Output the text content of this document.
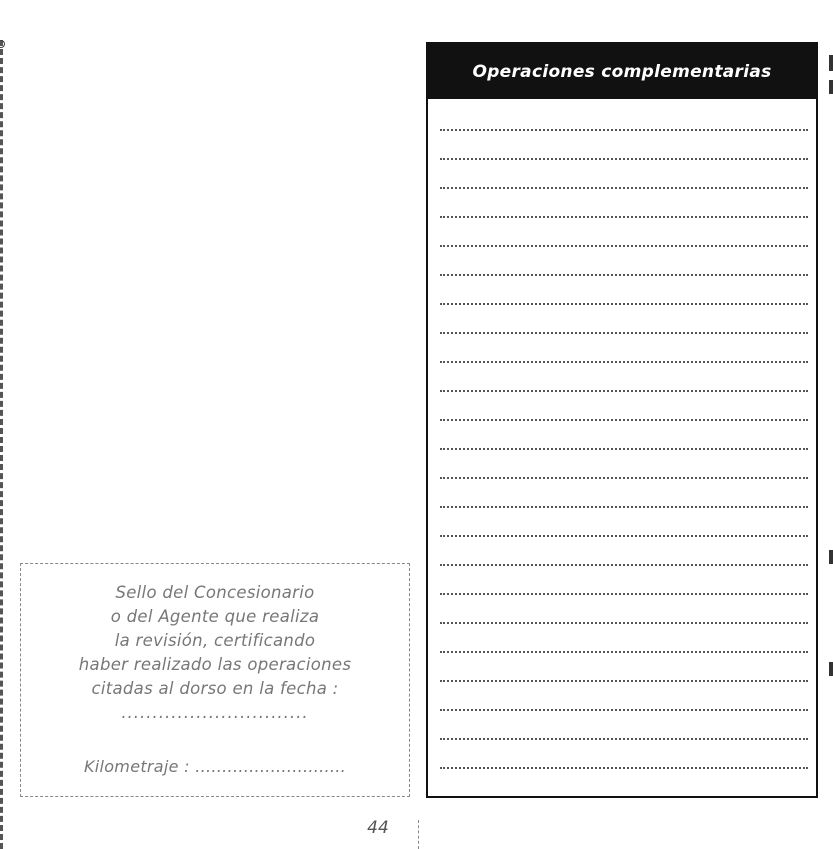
Sello del Concesionario
o del Agente que realiza
la revisión, certificando
haber realizado las operaciones
citadas al dorso en la fecha :
..............................
Kilometraje : ............................
44
Operaciones complementarias
